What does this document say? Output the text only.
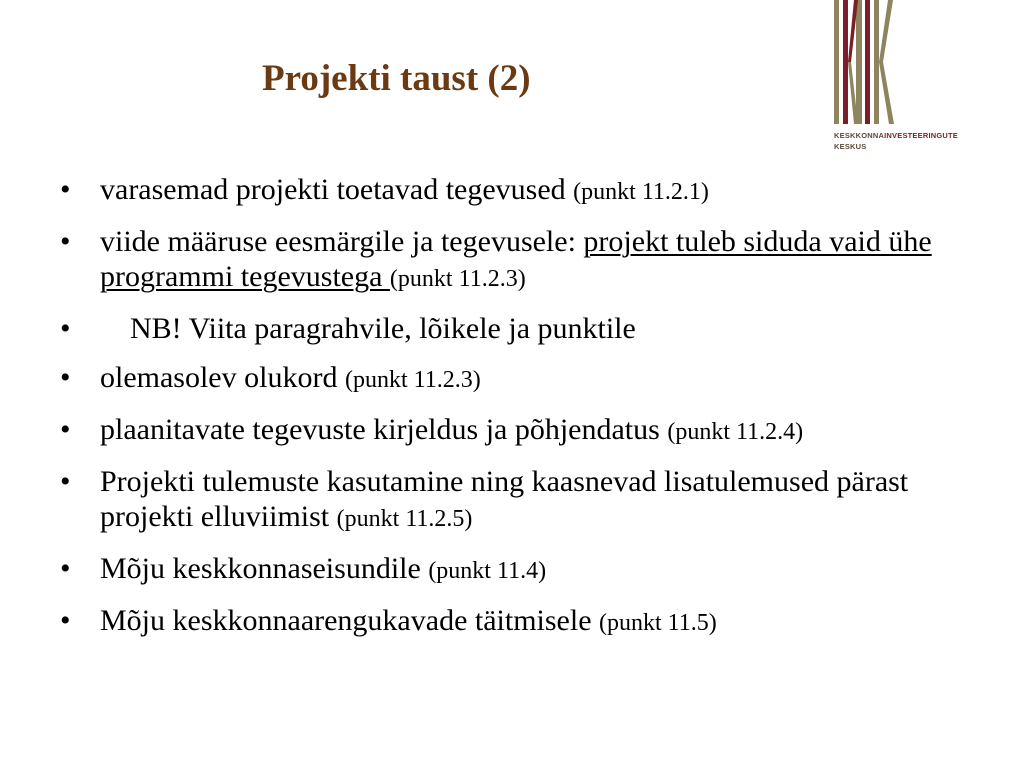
Projekti taust (2)
KESKKONNAINVESTEERINGUTE
KESKUS
• varasemad projekti toetavad tegevused (punkt 11.2.1)
• viide määruse eesmärgile ja tegevusele: projekt tuleb siduda vaid ühe programmi tegevustega (punkt 11.2.3)
•	NB! Viita paragrahvile, lõikele ja punktile
• olemasolev olukord (punkt 11.2.3)
• plaanitavate tegevuste kirjeldus ja põhjendatus (punkt 11.2.4)
• Projekti tulemuste kasutamine ning kaasnevad lisatulemused pärast projekti elluviimist (punkt 11.2.5)
• Mõju keskkonnaseisundile (punkt 11.4)
• Mõju keskkonnaarengukavade täitmisele (punkt 11.5)
